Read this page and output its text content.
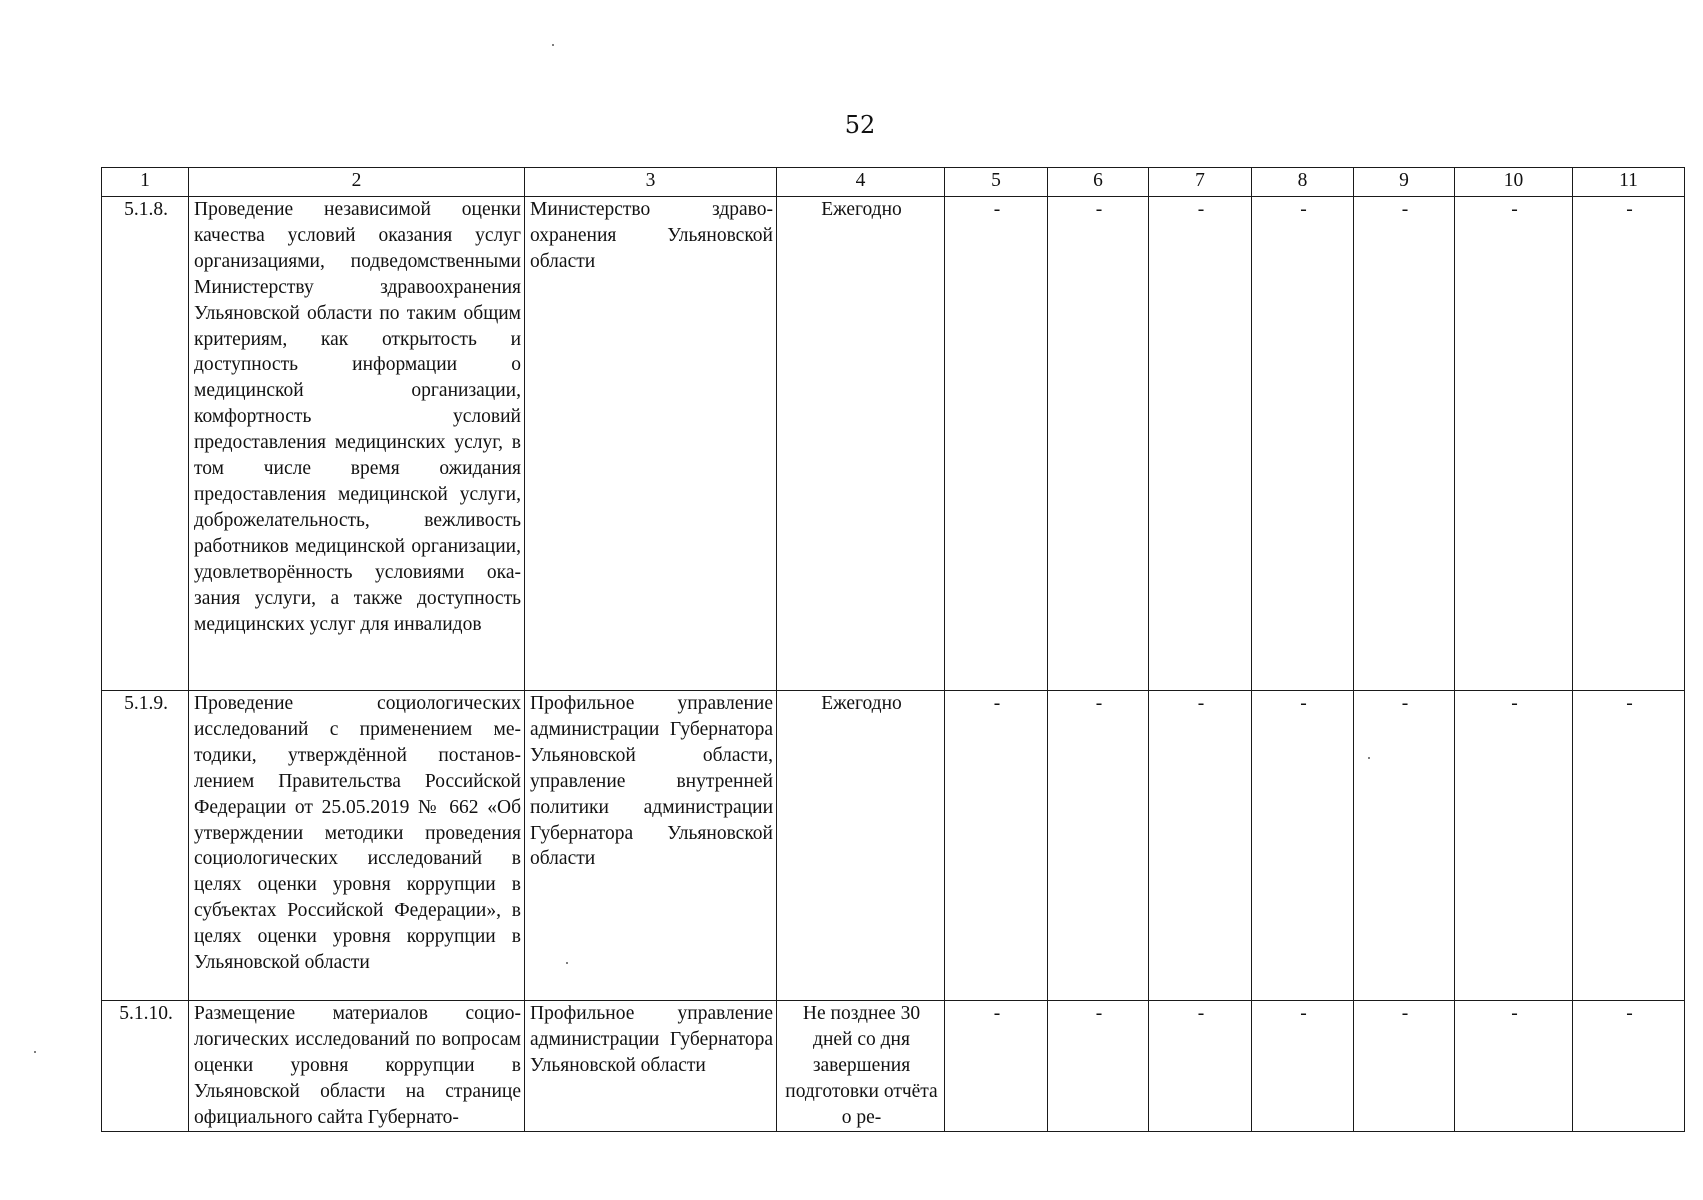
52
1	2	3	4	5	6	7	8	9	10	11
5.1.8.	Проведение независимой оценки качества условий оказания услуг организациями, подведомственными Министерству здравоохранения Ульяновской области по таким общим критериям, как открытость и доступность информации о медицинской организации, комфортность условий предоставления медицинских услуг, в том числе время ожидания предоставления медицинской услуги, доброжелательность, вежливость работников медицинской организации, удовлетворённость условиями оказания услуги, а также доступность медицинских услуг для инвалидов	Министерство здравоохранения Ульяновской области	Ежегодно	-	-	-	-	-	-	-
5.1.9.	Проведение социологических исследований с применением методики, утверждённой постановлением Правительства Российской Федерации от 25.05.2019 № 662 «Об утверждении методики проведения социологических исследований в целях оценки уровня коррупции в субъектах Российской Федерации», в целях оценки уровня коррупции в Ульяновской области	Профильное управление администрации Губернатора Ульяновской области, управление внутренней политики администрации Губернатора Ульяновской области	Ежегодно	-	-	-	-	-	-	-
5.1.10.	Размещение материалов социологических исследований по вопросам оценки уровня коррупции в Ульяновской области на странице официального сайта Губернато-	Профильное управление администрации Губернатора Ульяновской области	Не позднее 30 дней со дня завершения подготовки отчёта о ре-	-	-	-	-	-	-	-
